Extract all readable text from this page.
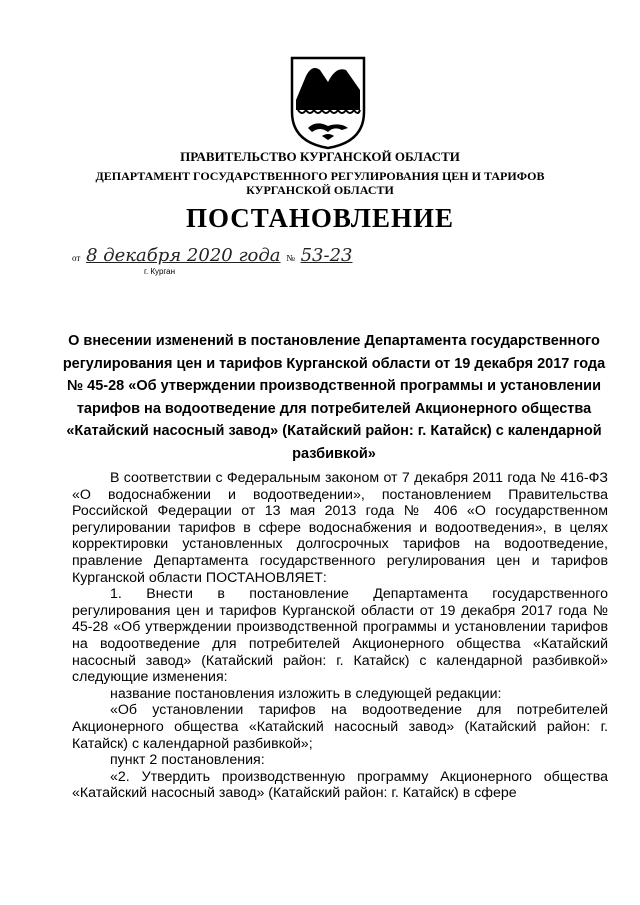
ПРАВИТЕЛЬСТВО КУРГАНСКОЙ ОБЛАСТИ
ДЕПАРТАМЕНТ ГОСУДАРСТВЕННОГО РЕГУЛИРОВАНИЯ ЦЕН И ТАРИФОВ
КУРГАНСКОЙ ОБЛАСТИ
ПОСТАНОВЛЕНИЕ
от 8 декабря 2020 года № 53-23
г. Курган
О внесении изменений в постановление Департамента государственного регулирования цен и тарифов Курганской области от 19 декабря 2017 года № 45-28 «Об утверждении производственной программы и установлении тарифов на водоотведение для потребителей Акционерного общества «Катайский насосный завод» (Катайский район: г. Катайск) с календарной разбивкой»

В соответствии с Федеральным законом от 7 декабря 2011 года № 416-ФЗ «О водоснабжении и водоотведении», постановлением Правительства Российской Федерации от 13 мая 2013 года № 406 «О государственном регулировании тарифов в сфере водоснабжения и водоотведения», в целях корректировки установленных долгосрочных тарифов на водоотведение, правление Департамента государственного регулирования цен и тарифов Курганской области ПОСТАНОВЛЯЕТ:

1. Внести в постановление Департамента государственного регулирования цен и тарифов Курганской области от 19 декабря 2017 года № 45-28 «Об утверждении производственной программы и установлении тарифов на водоотведение для потребителей Акционерного общества «Катайский насосный завод» (Катайский район: г. Катайск) с календарной разбивкой» следующие изменения:

название постановления изложить в следующей редакции:

«Об установлении тарифов на водоотведение для потребителей Акционерного общества «Катайский насосный завод» (Катайский район: г. Катайск) с календарной разбивкой»;

пункт 2 постановления:

«2. Утвердить производственную программу Акционерного общества «Катайский насосный завод» (Катайский район: г. Катайск) в сфере
